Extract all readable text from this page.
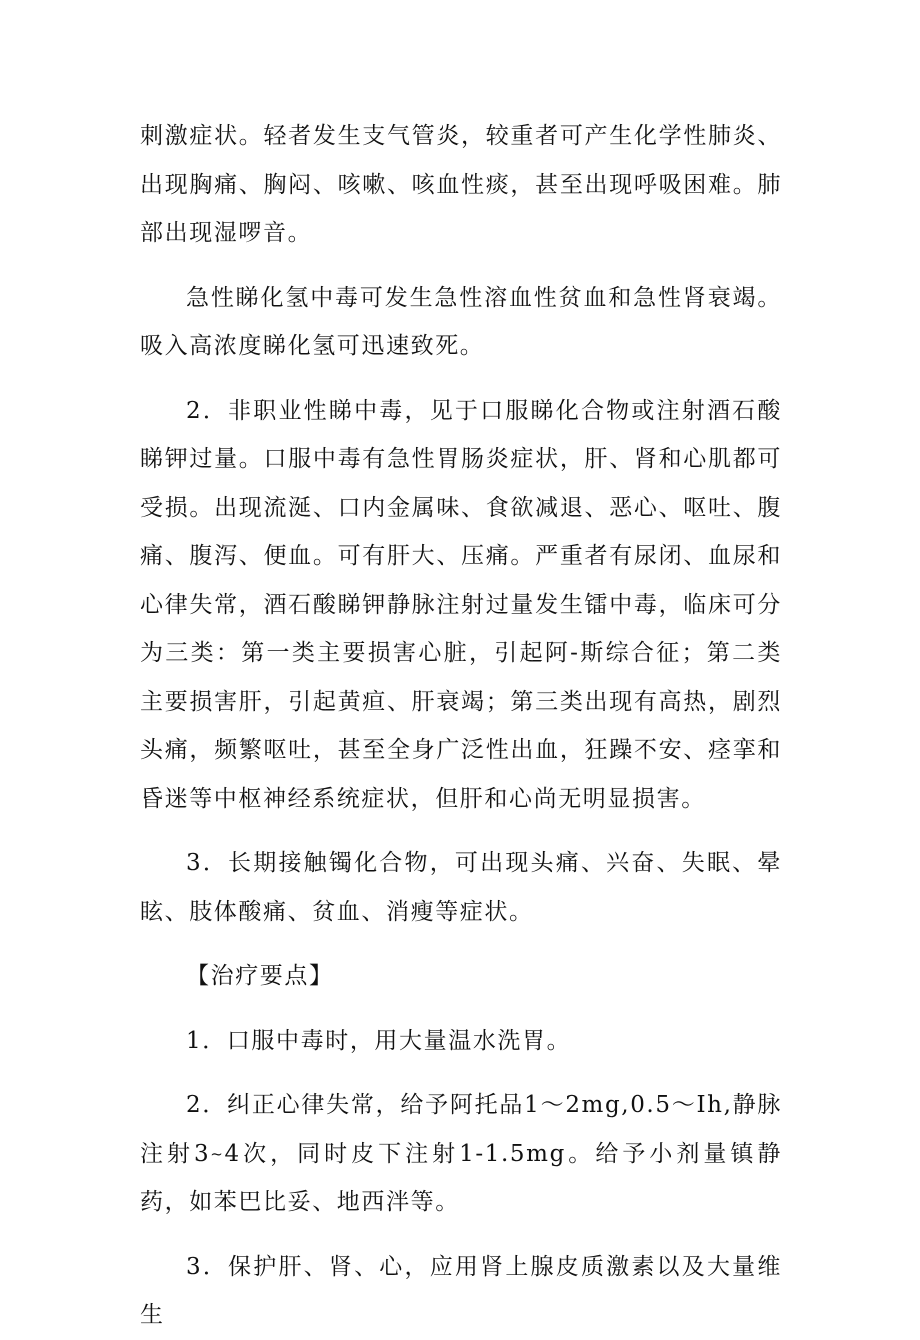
刺激症状。轻者发生支气管炎，较重者可产生化学性肺炎、出现胸痛、胸闷、咳嗽、咳血性痰，甚至出现呼吸困难。肺部出现湿啰音。

急性睇化氢中毒可发生急性溶血性贫血和急性肾衰竭。吸入高浓度睇化氢可迅速致死。

2．非职业性睇中毒，见于口服睇化合物或注射酒石酸睇钾过量。口服中毒有急性胃肠炎症状，肝、肾和心肌都可受损。出现流涎、口内金属味、食欲减退、恶心、呕吐、腹痛、腹泻、便血。可有肝大、压痛。严重者有尿闭、血尿和心律失常，酒石酸睇钾静脉注射过量发生镭中毒，临床可分为三类：第一类主要损害心脏，引起阿-斯综合征；第二类主要损害肝，引起黄疸、肝衰竭；第三类出现有高热，剧烈头痛，频繁呕吐，甚至全身广泛性出血，狂躁不安、痉挛和昏迷等中枢神经系统症状，但肝和心尚无明显损害。

3．长期接触镯化合物，可出现头痛、兴奋、失眠、晕眩、肢体酸痛、贫血、消瘦等症状。

【治疗要点】

1．口服中毒时，用大量温水洗胃。

2．纠正心律失常，给予阿托品1～2mg,0.5～Ih,静脉注射3~4次，同时皮下注射1-1.5mg。给予小剂量镇静药，如苯巴比妥、地西泮等。

3．保护肝、肾、心，应用肾上腺皮质激素以及大量维生
